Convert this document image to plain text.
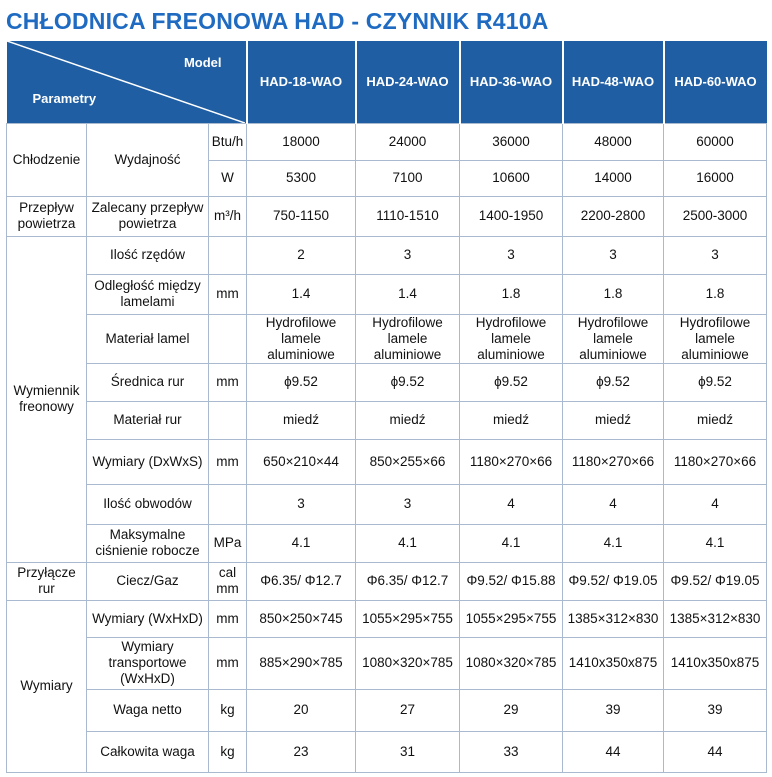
CHŁODNICA FREONOWA HAD - CZYNNIK R410A
Model
Parametry			HAD-18-WAO	HAD-24-WAO	HAD-36-WAO	HAD-48-WAO	HAD-60-WAO
Chłodzenie	Wydajność	Btu/h	18000	24000	36000	48000	60000
		W	5300	7100	10600	14000	16000
Przepływ powietrza	Zalecany przepływ powietrza	m³/h	750-1150	1110-1510	1400-1950	2200-2800	2500-3000
Wymiennik freonowy	Ilość rzędów		2	3	3	3	3
	Odległość między lamelami	mm	1.4	1.4	1.8	1.8	1.8
	Materiał lamel		Hydrofilowe lamele aluminiowe	Hydrofilowe lamele aluminiowe	Hydrofilowe lamele aluminiowe	Hydrofilowe lamele aluminiowe	Hydrofilowe lamele aluminiowe
	Średnica rur	mm	ϕ9.52	ϕ9.52	ϕ9.52	ϕ9.52	ϕ9.52
	Materiał rur		miedź	miedź	miedź	miedź	miedź
	Wymiary (DxWxS)	mm	650×210×44	850×255×66	1180×270×66	1180×270×66	1180×270×66
	Ilość obwodów		3	3	4	4	4
	Maksymalne ciśnienie robocze	MPa	4.1	4.1	4.1	4.1	4.1
Przyłącze rur	Ciecz/Gaz	cal mm	Φ6.35/ Φ12.7	Φ6.35/ Φ12.7	Φ9.52/ Φ15.88	Φ9.52/ Φ19.05	Φ9.52/ Φ19.05
Wymiary	Wymiary (WxHxD)	mm	850×250×745	1055×295×755	1055×295×755	1385×312×830	1385×312×830
	Wymiary transportowe (WxHxD)	mm	885×290×785	1080×320×785	1080×320×785	1410x350x875	1410x350x875
	Waga netto	kg	20	27	29	39	39
	Całkowita waga	kg	23	31	33	44	44
